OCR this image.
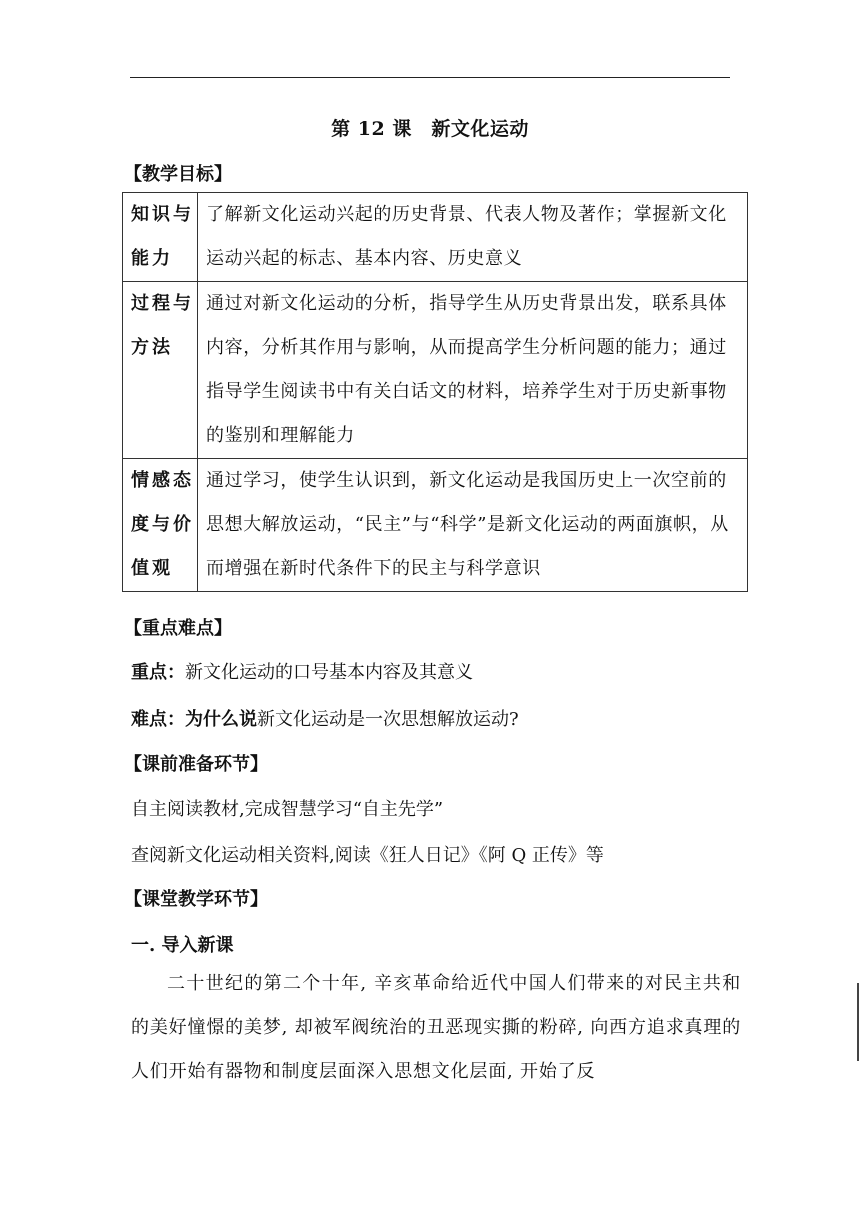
第 12 课　新文化运动
【教学目标】
知识与能力	了解新文化运动兴起的历史背景、代表人物及著作；掌握新文化运动兴起的标志、基本内容、历史意义
过程与方法	通过对新文化运动的分析，指导学生从历史背景出发，联系具体内容，分析其作用与影响，从而提高学生分析问题的能力；通过指导学生阅读书中有关白话文的材料，培养学生对于历史新事物的鉴别和理解能力
情感态度与价值观	通过学习，使学生认识到，新文化运动是我国历史上一次空前的思想大解放运动，“民主”与“科学”是新文化运动的两面旗帜，从而增强在新时代条件下的民主与科学意识
【重点难点】
重点：新文化运动的口号基本内容及其意义
难点：为什么说新文化运动是一次思想解放运动?
【课前准备环节】
自主阅读教材,完成智慧学习“自主先学”
查阅新文化运动相关资料,阅读《狂人日记》《阿 Q 正传》等
【课堂教学环节】
一. 导入新课
二十世纪的第二个十年, 辛亥革命给近代中国人们带来的对民主共和的美好憧憬的美梦, 却被军阀统治的丑恶现实撕的粉碎, 向西方追求真理的人们开始有器物和制度层面深入思想文化层面, 开始了反
